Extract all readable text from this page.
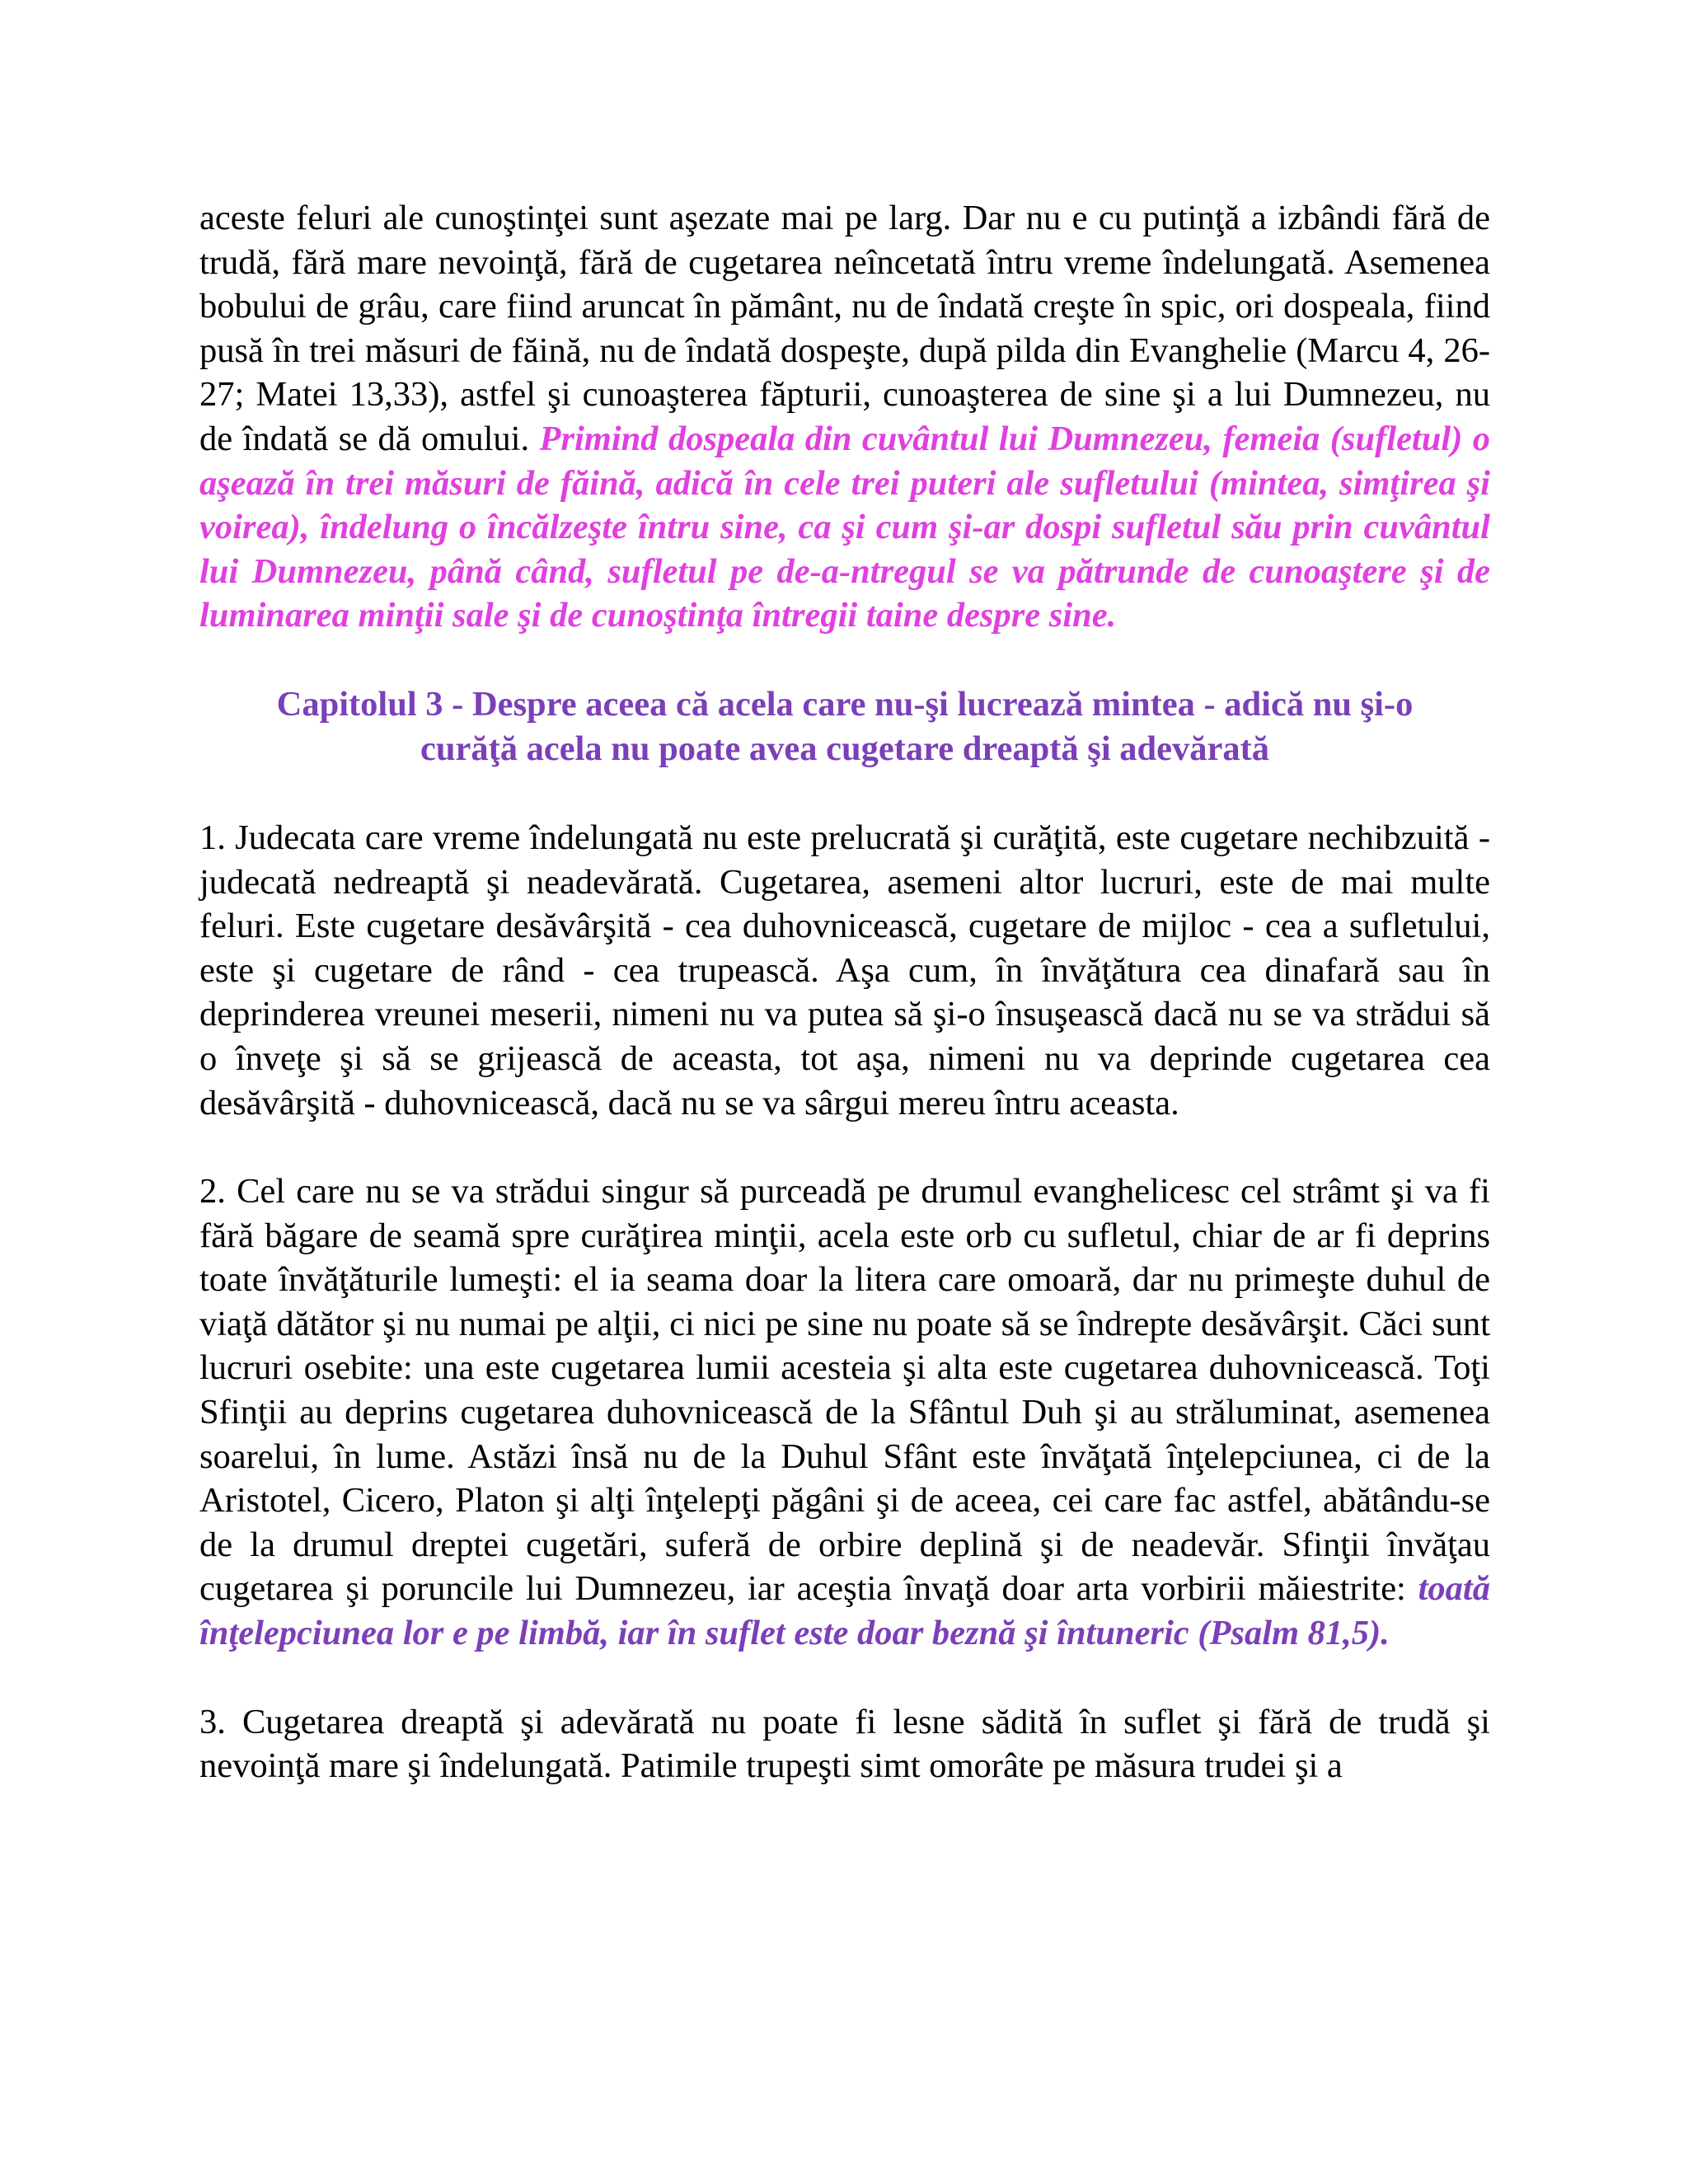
aceste feluri ale cunoştinţei sunt aşezate mai pe larg. Dar nu e cu putinţă a izbândi fără de trudă, fără mare nevoinţă, fără de cugetarea neîncetată întru vreme îndelungată. Asemenea bobului de grâu, care fiind aruncat în pământ, nu de îndată creşte în spic, ori dospeala, fiind pusă în trei măsuri de făină, nu de îndată dospeşte, după pilda din Evanghelie (Marcu 4, 26-27; Matei 13,33), astfel şi cunoaşterea făpturii, cunoaşterea de sine şi a lui Dumnezeu, nu de îndată se dă omului. Primind dospeala din cuvântul lui Dumnezeu, femeia (sufletul) o aşează în trei măsuri de făină, adică în cele trei puteri ale sufletului (mintea, simţirea şi voirea), îndelung o încălzeşte întru sine, ca şi cum şi-ar dospi sufletul său prin cuvântul lui Dumnezeu, până când, sufletul pe de-a-ntregul se va pătrunde de cunoaştere şi de luminarea minţii sale şi de cunoştinţa întregii taine despre sine.

Capitolul 3 - Despre aceea că acela care nu-şi lucrează mintea - adică nu şi-o

curăţă acela nu poate avea cugetare dreaptă şi adevărată

1. Judecata care vreme îndelungată nu este prelucrată şi curăţită, este cugetare nechibzuită - judecată nedreaptă şi neadevărată. Cugetarea, asemeni altor lucruri, este de mai multe feluri. Este cugetare desăvârşită - cea duhovnicească, cugetare de mijloc - cea a sufletului, este şi cugetare de rând - cea trupească. Aşa cum, în învăţătura cea dinafară sau în deprinderea vreunei meserii, nimeni nu va putea să şi-o însuşească dacă nu se va strădui să o înveţe şi să se grijească de aceasta, tot aşa, nimeni nu va deprinde cugetarea cea desăvârşită - duhovnicească, dacă nu se va sârgui mereu întru aceasta.

2. Cel care nu se va strădui singur să purceadă pe drumul evanghelicesc cel strâmt şi va fi fără băgare de seamă spre curăţirea minţii, acela este orb cu sufletul, chiar de ar fi deprins toate învăţăturile lumeşti: el ia seama doar la litera care omoară, dar nu primeşte duhul de viaţă dătător şi nu numai pe alţii, ci nici pe sine nu poate să se îndrepte desăvârşit. Căci sunt lucruri osebite: una este cugetarea lumii acesteia şi alta este cugetarea duhovnicească. Toţi Sfinţii au deprins cugetarea duhovnicească de la Sfântul Duh şi au străluminat, asemenea soarelui, în lume. Astăzi însă nu de la Duhul Sfânt este învăţată înţelepciunea, ci de la Aristotel, Cicero, Platon şi alţi înţelepţi păgâni şi de aceea, cei care fac astfel, abătându-se de la drumul dreptei cugetări, suferă de orbire deplină şi de neadevăr. Sfinţii învăţau cugetarea şi poruncile lui Dumnezeu, iar aceştia învaţă doar arta vorbirii măiestrite: toată înţelepciunea lor e pe limbă, iar în suflet este doar beznă şi întuneric (Psalm 81,5).

3. Cugetarea dreaptă şi adevărată nu poate fi lesne sădită în suflet şi fără de trudă şi nevoinţă mare şi îndelungată. Patimile trupeşti simt omorâte pe măsura trudei şi a
